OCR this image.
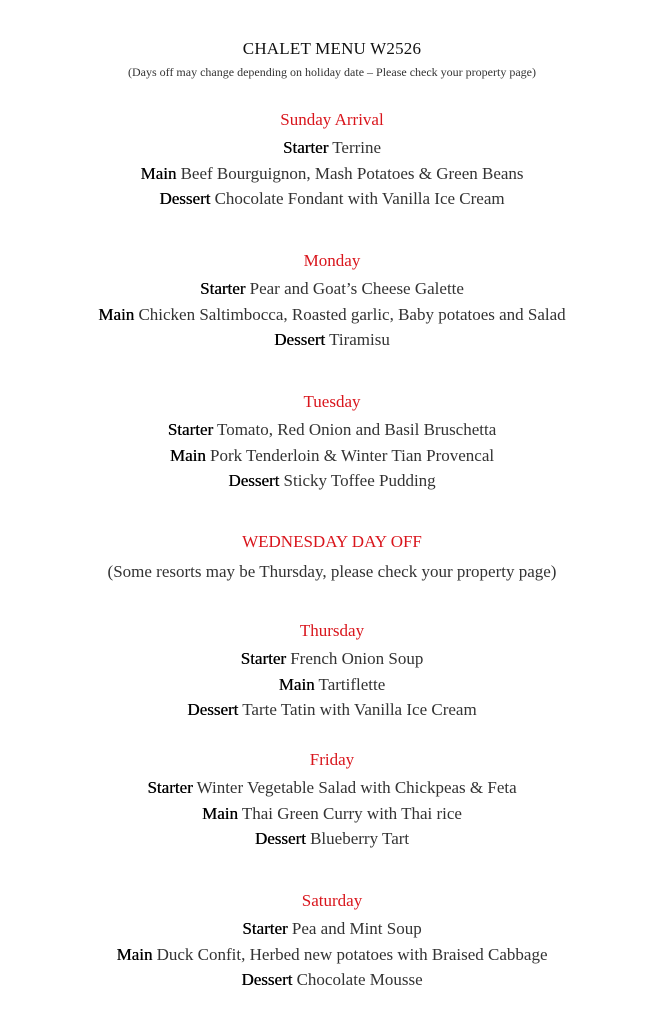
CHALET MENU W2526
(Days off may change depending on holiday date – Please check your property page)
Sunday Arrival
Starter Terrine
Main Beef Bourguignon, Mash Potatoes & Green Beans
Dessert Chocolate Fondant with Vanilla Ice Cream
Monday
Starter Pear and Goat’s Cheese Galette
Main Chicken Saltimbocca, Roasted garlic, Baby potatoes and Salad
Dessert Tiramisu
Tuesday
Starter Tomato, Red Onion and Basil Bruschetta
Main Pork Tenderloin & Winter Tian Provencal
Dessert Sticky Toffee Pudding
WEDNESDAY DAY OFF
(Some resorts may be Thursday, please check your property page)
Thursday
Starter French Onion Soup
Main Tartiflette
Dessert Tarte Tatin with Vanilla Ice Cream
Friday
Starter Winter Vegetable Salad with Chickpeas & Feta
Main Thai Green Curry with Thai rice
Dessert Blueberry Tart
Saturday
Starter Pea and Mint Soup
Main Duck Confit, Herbed new potatoes with Braised Cabbage
Dessert Chocolate Mousse
